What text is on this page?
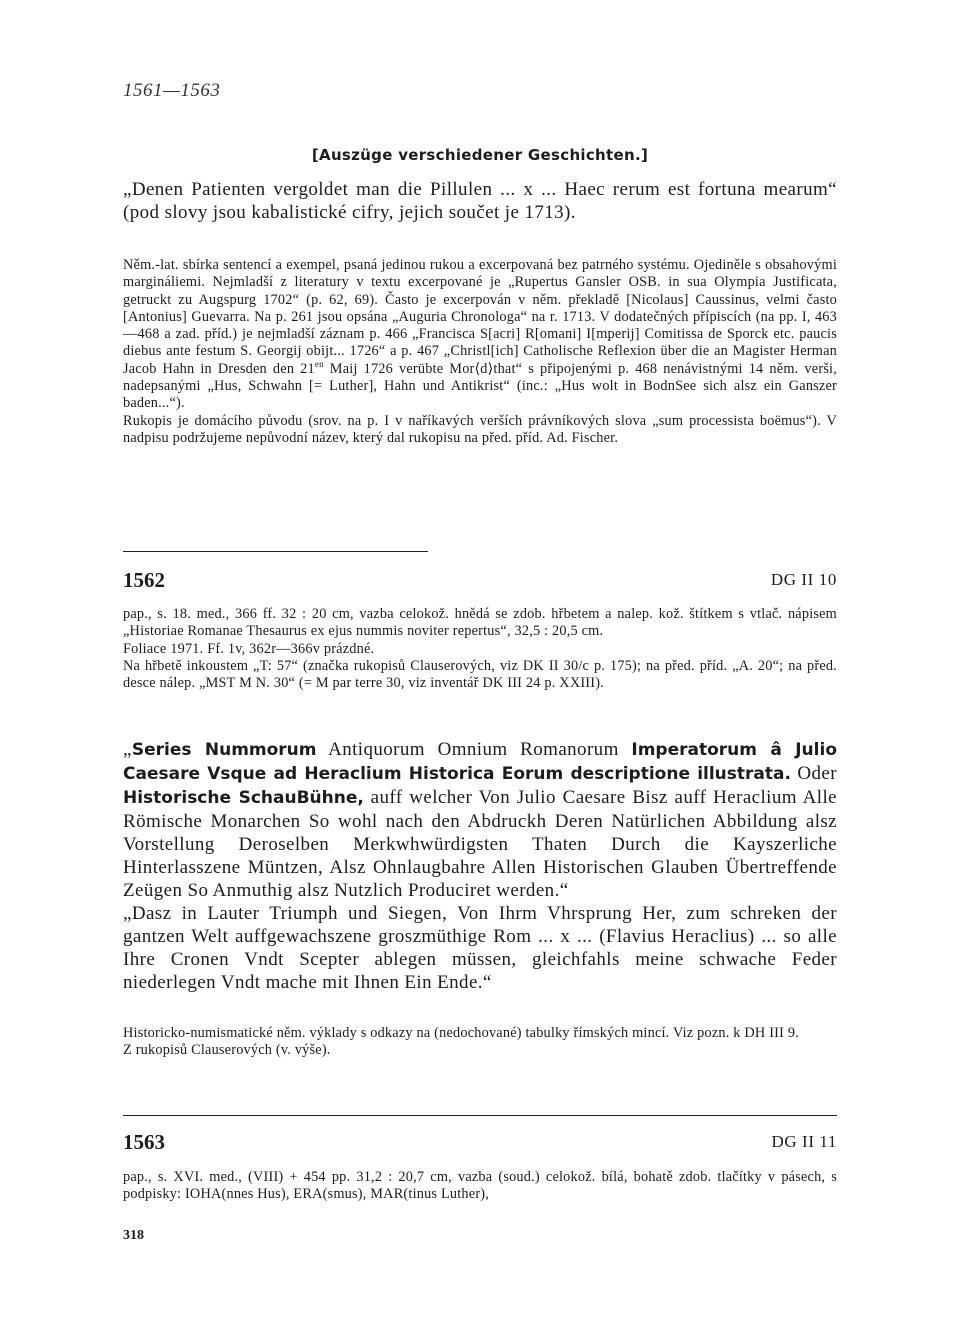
1561—1563
[Auszüge verschiedener Geschichten.]

„Denen Patienten vergoldet man die Pillulen ... x ... Haec rerum est fortuna mearum“ (pod slovy jsou kabalistické cifry, jejich součet je 1713).

Něm.-lat. sbírka sentencí a exempel, psaná jedinou rukou a excerpovaná bez patrného systému. Ojediněle s obsahovými margináliemi. Nejmladší z literatury v textu excerpované je „Rupertus Gansler OSB. in sua Olympia Justificata, getruckt zu Augspurg 1702“ (p. 62, 69). Často je excerpován v něm. překladě [Nicolaus] Caussinus, velmi často [Antonius] Guevarra. Na p. 261 jsou opsána „Auguria Chronologa“ na r. 1713. V dodatečných přípiscích (na pp. I, 463—468 a zad. příd.) je nejmladší záznam p. 466 „Francisca S[acri] R[omani] I[mperij] Comitissa de Sporck etc. paucis diebus ante festum S. Georgij obijt... 1726“ a p. 467 „Christl[ich] Catholische Reflexion über die an Magister Herman Jacob Hahn in Dresden den $21^{en}$ Maij 1726 verübte Mor⟨d⟩that“ s připojenými p. 468 nenávistnými 14 něm. verši, nadepsanými „Hus, Schwahn [= Luther], Hahn und Antikrist“ (inc.: „Hus wolt in BodnSee sich alsz ein Ganszer baden...“).

Rukopis je domácího původu (srov. na p. I v naříkavých verších právníkových slova „sum processista boëmus“). V nadpisu podržujeme nepůvodní název, který dal rukopisu na před. příd. Ad. Fischer.

1562	DG II 10

pap., s. 18. med., 366 ff. 32 : 20 cm, vazba celokož. hnědá se zdob. hřbetem a nalep. kož. štítkem s vtlač. nápisem „Historiae Romanae Thesaurus ex ejus nummis noviter repertus“, 32,5 : 20,5 cm.

Foliace 1971. Ff. 1v, 362r—366v prázdné.

Na hřbetě inkoustem „T: 57“ (značka rukopisů Clauserových, viz DK II 30/c p. 175); na před. příd. „A. 20“; na před. desce nálep. „MST M N. 30“ (= M par terre 30, viz inventář DK III 24 p. XXIII).

„Series Nummorum Antiquorum Omnium Romanorum Imperatorum â Julio Caesare Vsque ad Heraclium Historica Eorum descriptione illustrata. Oder Historische SchauBühne, auff welcher Von Julio Caesare Bisz auff Heraclium Alle Römische Monarchen So wohl nach den Abdruckh Deren Natürlichen Abbildung alsz Vorstellung Deroselben Merkwhwürdigsten Thaten Durch die Kayszerliche Hinterlasszene Müntzen, Alsz Ohnlaugbahre Allen Historischen Glauben Übertreffende Zeügen So Anmuthig alsz Nutzlich Produciret werden.“

„Dasz in Lauter Triumph und Siegen, Von Ihrm Vhrsprung Her, zum schreken der gantzen Welt auffgewachszene groszmüthige Rom ... x ... (Flavius Heraclius) ... so alle Ihre Cronen Vndt Scepter ablegen müssen, gleichfahls meine schwache Feder niederlegen Vndt mache mit Ihnen Ein Ende.“

Historicko-numismatické něm. výklady s odkazy na (nedochované) tabulky římských mincí. Viz pozn. k DH III 9.

Z rukopisů Clauserových (v. výše).

1563	DG II 11

pap., s. XVI. med., (VIII) + 454 pp. 31,2 : 20,7 cm, vazba (soud.) celokož. bílá, bohatě zdob. tlačítky v pásech, s podpisky: IOHA(nnes Hus), ERA(smus), MAR(tinus Luther),

318
